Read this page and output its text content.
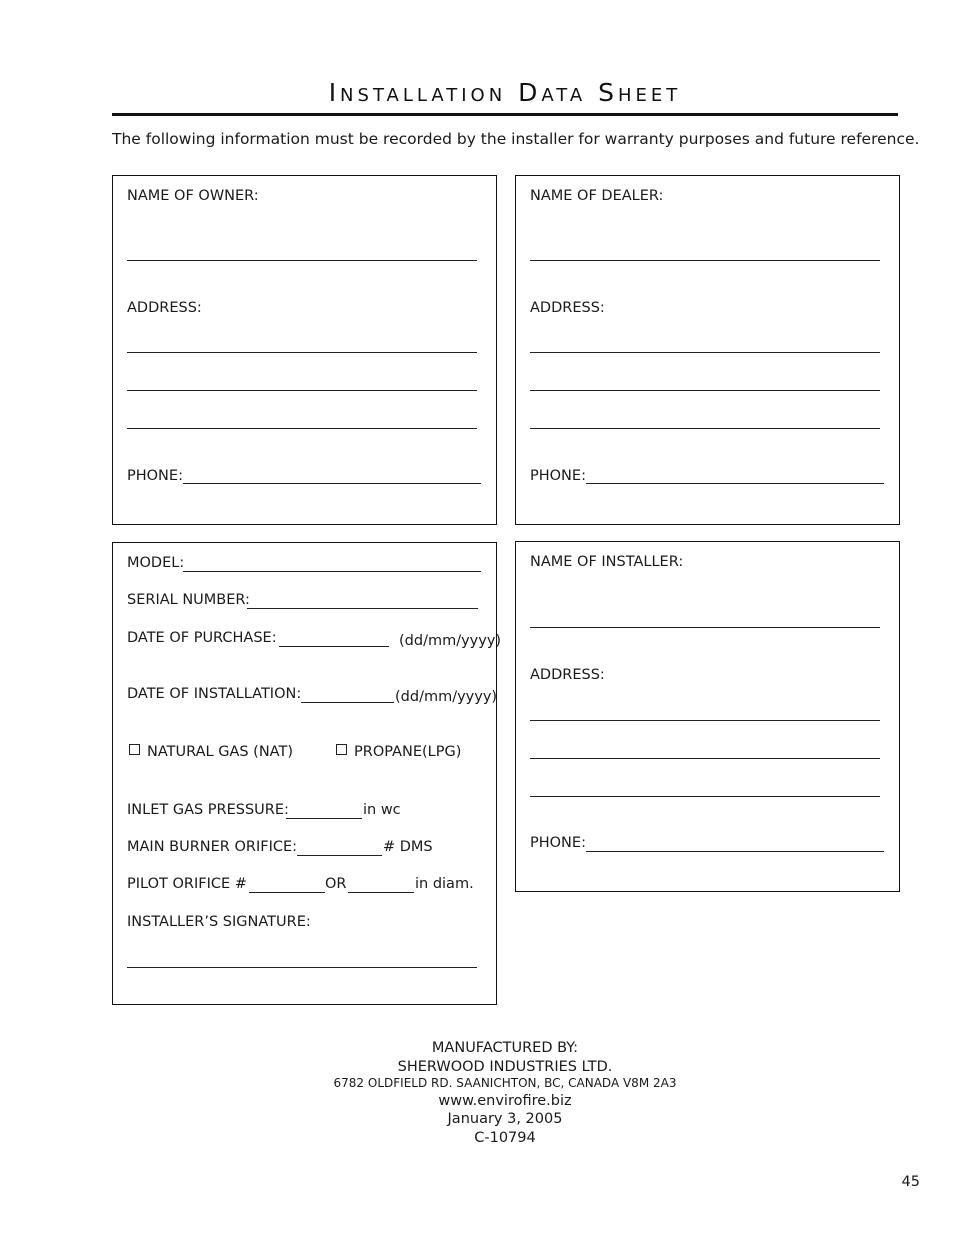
Installation Data Sheet
The following information must be recorded by the installer for warranty purposes and future reference.
NAME OF OWNER:
ADDRESS:
PHONE:
NAME OF DEALER:
ADDRESS:
PHONE:
MODEL:
SERIAL NUMBER:
DATE OF PURCHASE:	(dd/mm/yyyy)
DATE OF INSTALLATION:	(dd/mm/yyyy)
NATURAL GAS (NAT)	PROPANE(LPG)
INLET GAS PRESSURE:	in wc
MAIN BURNER ORIFICE:	# DMS
PILOT ORIFICE #	OR	in diam.
INSTALLER’S SIGNATURE:
NAME OF INSTALLER:
ADDRESS:
PHONE:
MANUFACTURED BY:
SHERWOOD INDUSTRIES LTD.
6782 OLDFIELD RD. SAANICHTON, BC, CANADA V8M 2A3
www.envirofire.biz
January 3, 2005
C-10794
45
